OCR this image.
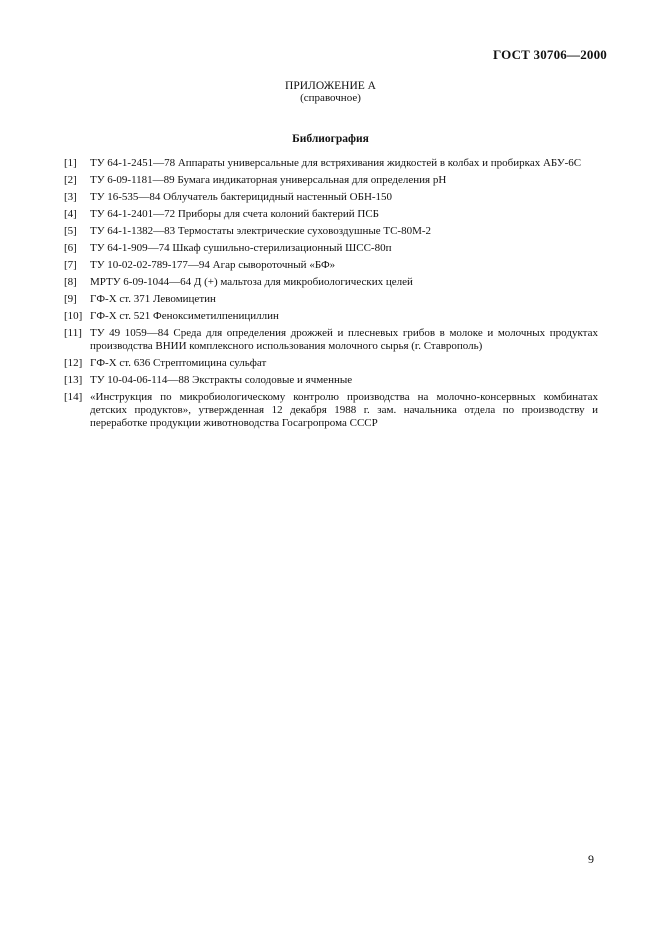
ГОСТ 30706—2000
ПРИЛОЖЕНИЕ А
(справочное)
Библиография
[1] ТУ 64-1-2451—78 Аппараты универсальные для встряхивания жидкостей в колбах и пробирках АБУ-6С
[2] ТУ 6-09-1181—89 Бумага индикаторная универсальная для определения pH
[3] ТУ 16-535—84 Облучатель бактерицидный настенный ОБН-150
[4] ТУ 64-1-2401—72 Приборы для счета колоний бактерий ПСБ
[5] ТУ 64-1-1382—83 Термостаты электрические суховоздушные ТС-80М-2
[6] ТУ 64-1-909—74 Шкаф сушильно-стерилизационный ШСС-80п
[7] ТУ 10-02-02-789-177—94 Агар сывороточный «БФ»
[8] МРТУ 6-09-1044—64 Д (+) мальтоза для микробиологических целей
[9] ГФ-Х ст. 371 Левомицетин
[10] ГФ-Х ст. 521 Феноксиметилпенициллин
[11] ТУ 49 1059—84 Среда для определения дрожжей и плесневых грибов в молоке и молочных продуктах производства ВНИИ комплексного использования молочного сырья (г. Ставрополь)
[12] ГФ-Х ст. 636 Стрептомицина сульфат
[13] ТУ 10-04-06-114—88 Экстракты солодовые и ячменные
[14] «Инструкция по микробиологическому контролю производства на молочно-консервных комбинатах детских продуктов», утвержденная 12 декабря 1988 г. зам. начальника отдела по производству и переработке продукции животноводства Госагропрома СССР
9
